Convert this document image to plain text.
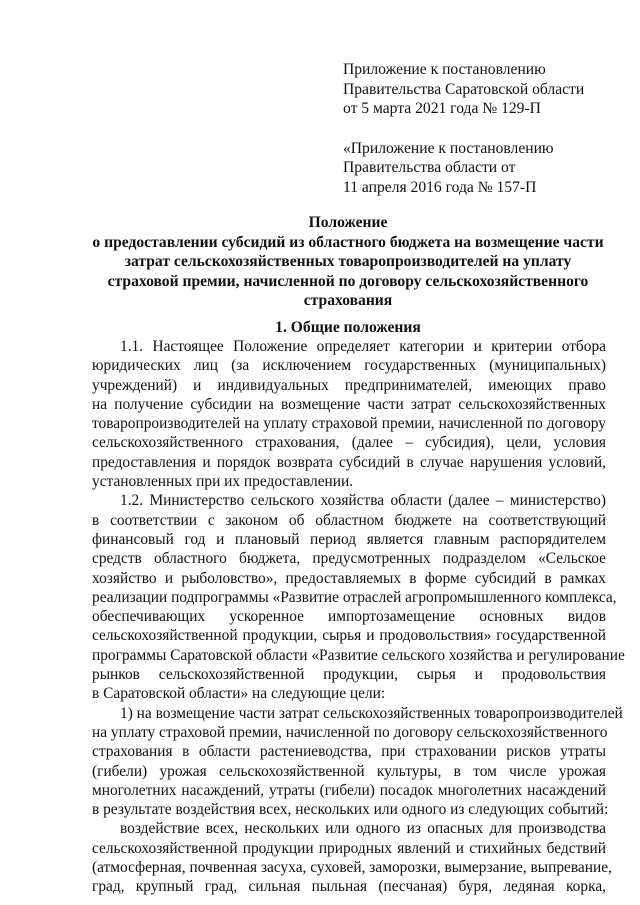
Приложение к постановлению
Правительства Саратовской области
от 5 марта 2021 года № 129-П
«Приложение к постановлению
Правительства области от
11 апреля 2016 года № 157-П
Положение
о предоставлении субсидий из областного бюджета на возмещение части
затрат сельскохозяйственных товаропроизводителей на уплату
страховой премии, начисленной по договору сельскохозяйственного
страхования
1. Общие положения
1.1. Настоящее Положение определяет категории и критерии отбора
юридических лиц (за исключением государственных (муниципальных)
учреждений) и индивидуальных предпринимателей, имеющих право
на получение субсидии на возмещение части затрат сельскохозяйственных
товаропроизводителей на уплату страховой премии, начисленной по договору
сельскохозяйственного страхования, (далее – субсидия), цели, условия
предоставления и порядок возврата субсидий в случае нарушения условий,
установленных при их предоставлении.
1.2. Министерство сельского хозяйства области (далее – министерство)
в соответствии с законом об областном бюджете на соответствующий
финансовый год и плановый период является главным распорядителем
средств областного бюджета, предусмотренных подразделом «Сельское
хозяйство и рыболовство», предоставляемых в форме субсидий в рамках
реализации подпрограммы «Развитие отраслей агропромышленного комплекса,
обеспечивающих ускоренное импортозамещение основных видов
сельскохозяйственной продукции, сырья и продовольствия» государственной
программы Саратовской области «Развитие сельского хозяйства и регулирование
рынков сельскохозяйственной продукции, сырья и продовольствия
в Саратовской области» на следующие цели:
1) на возмещение части затрат сельскохозяйственных товаропроизводителей
на уплату страховой премии, начисленной по договору сельскохозяйственного
страхования в области растениеводства, при страховании рисков утраты
(гибели) урожая сельскохозяйственной культуры, в том числе урожая
многолетних насаждений, утраты (гибели) посадок многолетних насаждений
в результате воздействия всех, нескольких или одного из следующих событий:
воздействие всех, нескольких или одного из опасных для производства
сельскохозяйственной продукции природных явлений и стихийных бедствий
(атмосферная, почвенная засуха, суховей, заморозки, вымерзание, выпревание,
град, крупный град, сильная пыльная (песчаная) буря, ледяная корка,
